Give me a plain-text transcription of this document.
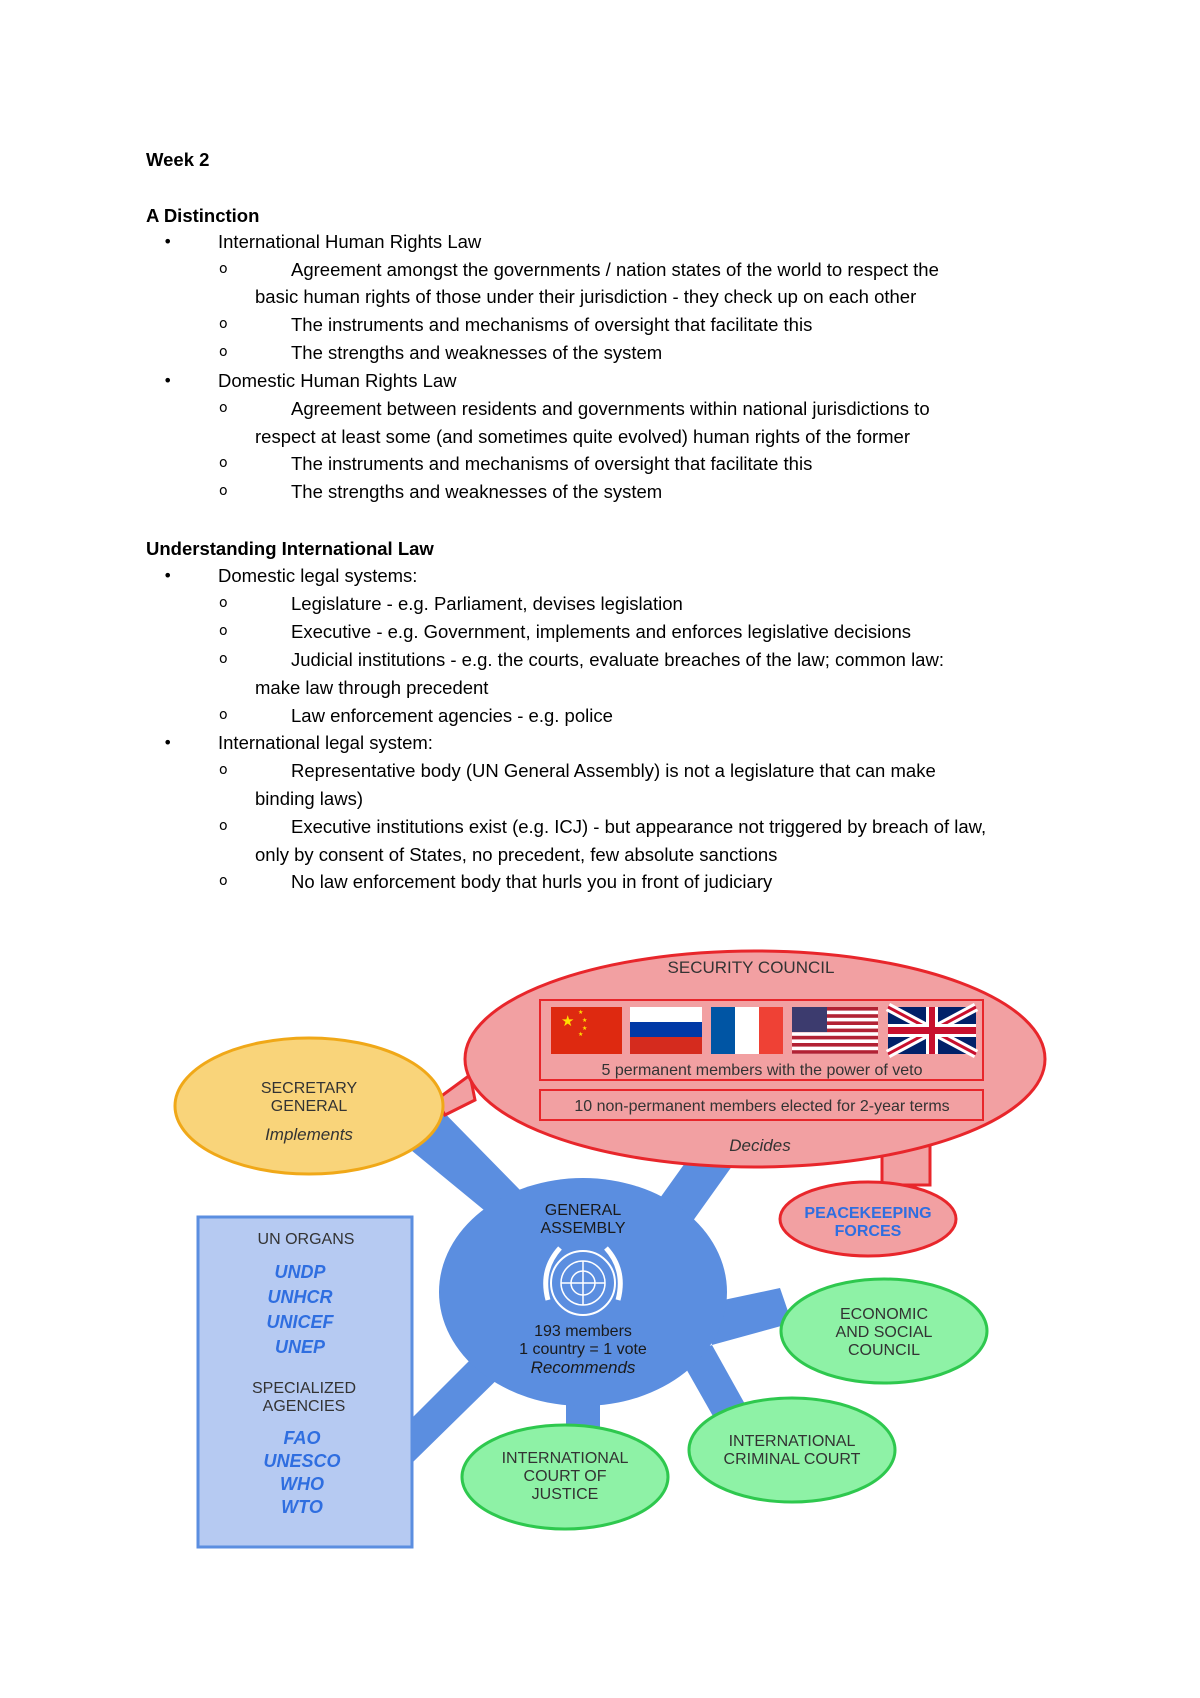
Week 2
A Distinction
• International Human Rights Law
o	Agreement amongst the governments / nation states of the world to respect the
basic human rights of those under their jurisdiction - they check up on each other
o	The instruments and mechanisms of oversight that facilitate this
o	The strengths and weaknesses of the system
• Domestic Human Rights Law
o	Agreement between residents and governments within national jurisdictions to
respect at least some (and sometimes quite evolved) human rights of the former
o	The instruments and mechanisms of oversight that facilitate this
o	The strengths and weaknesses of the system
Understanding International Law
• Domestic legal systems:
o	Legislature - e.g. Parliament, devises legislation
o	Executive - e.g. Government, implements and enforces legislative decisions
o	Judicial institutions - e.g. the courts, evaluate breaches of the law; common law:
make law through precedent
o	Law enforcement agencies - e.g. police
• International legal system:
o	Representative body (UN General Assembly) is not a legislature that can make
binding laws)
o	Executive institutions exist (e.g. ICJ) - but appearance not triggered by breach of law,
only by consent of States, no precedent, few absolute sanctions
o	No law enforcement body that hurls you in front of judiciary
PEACEKEEPING
FORCES
SECURITY COUNCIL
★ ★
★
★
★
5 permanent members with the power of veto
10 non-permanent members elected for 2-year terms
Decides
SECRETARY
GENERAL
Implements
GENERAL
ASSEMBLY
193 members
1 country = 1 vote
Recommends
ECONOMIC
AND SOCIAL
COUNCIL
INTERNATIONAL
CRIMINAL COURT
INTERNATIONAL
COURT OF
JUSTICE
UN ORGANS
UNDP
UNHCR
UNICEF
UNEP
SPECIALIZED
AGENCIES
FAO
UNESCO
WHO
WTO
